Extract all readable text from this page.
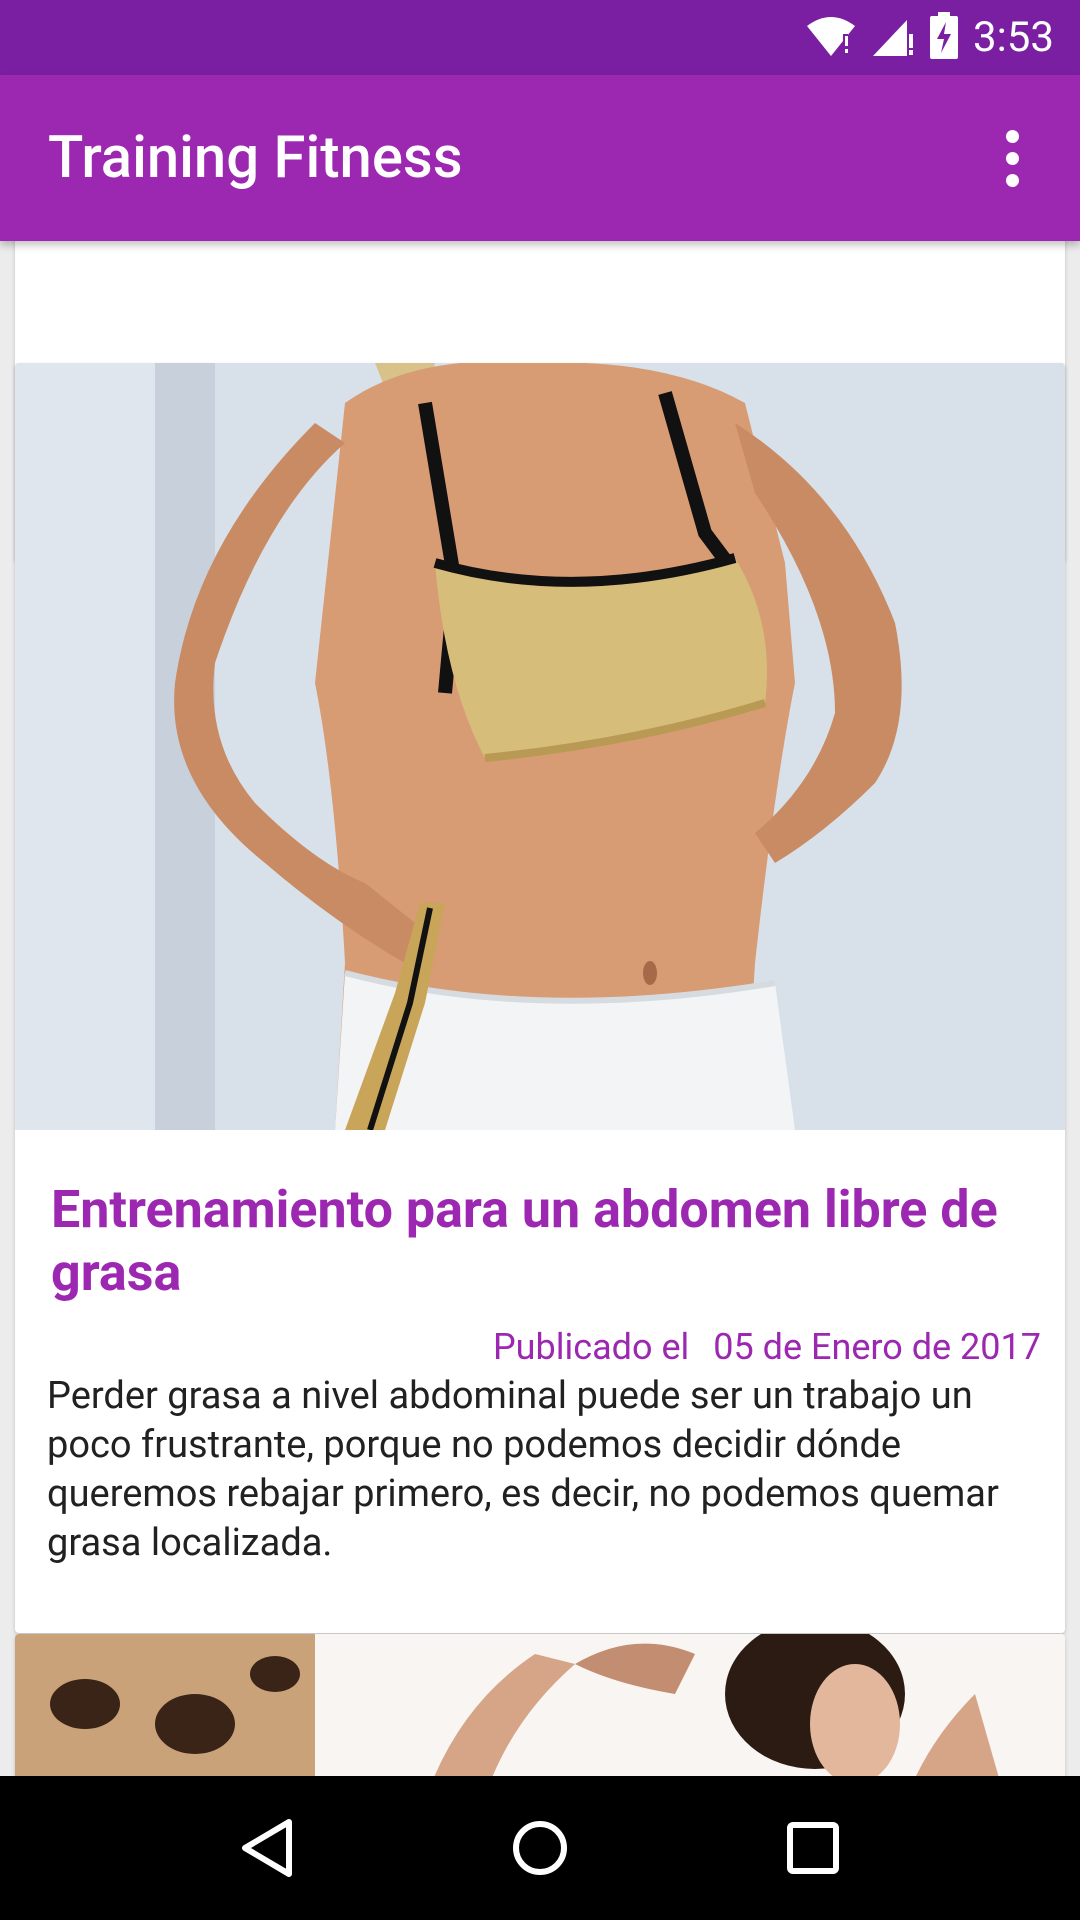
3:53
Training Fitness
Entrenamiento para un abdomen libre de grasa
Publicado el 05 de Enero de 2017
Perder grasa a nivel abdominal puede ser un trabajo un poco frustrante, porque no podemos decidir dónde queremos rebajar primero, es decir, no podemos quemar grasa localizada.
